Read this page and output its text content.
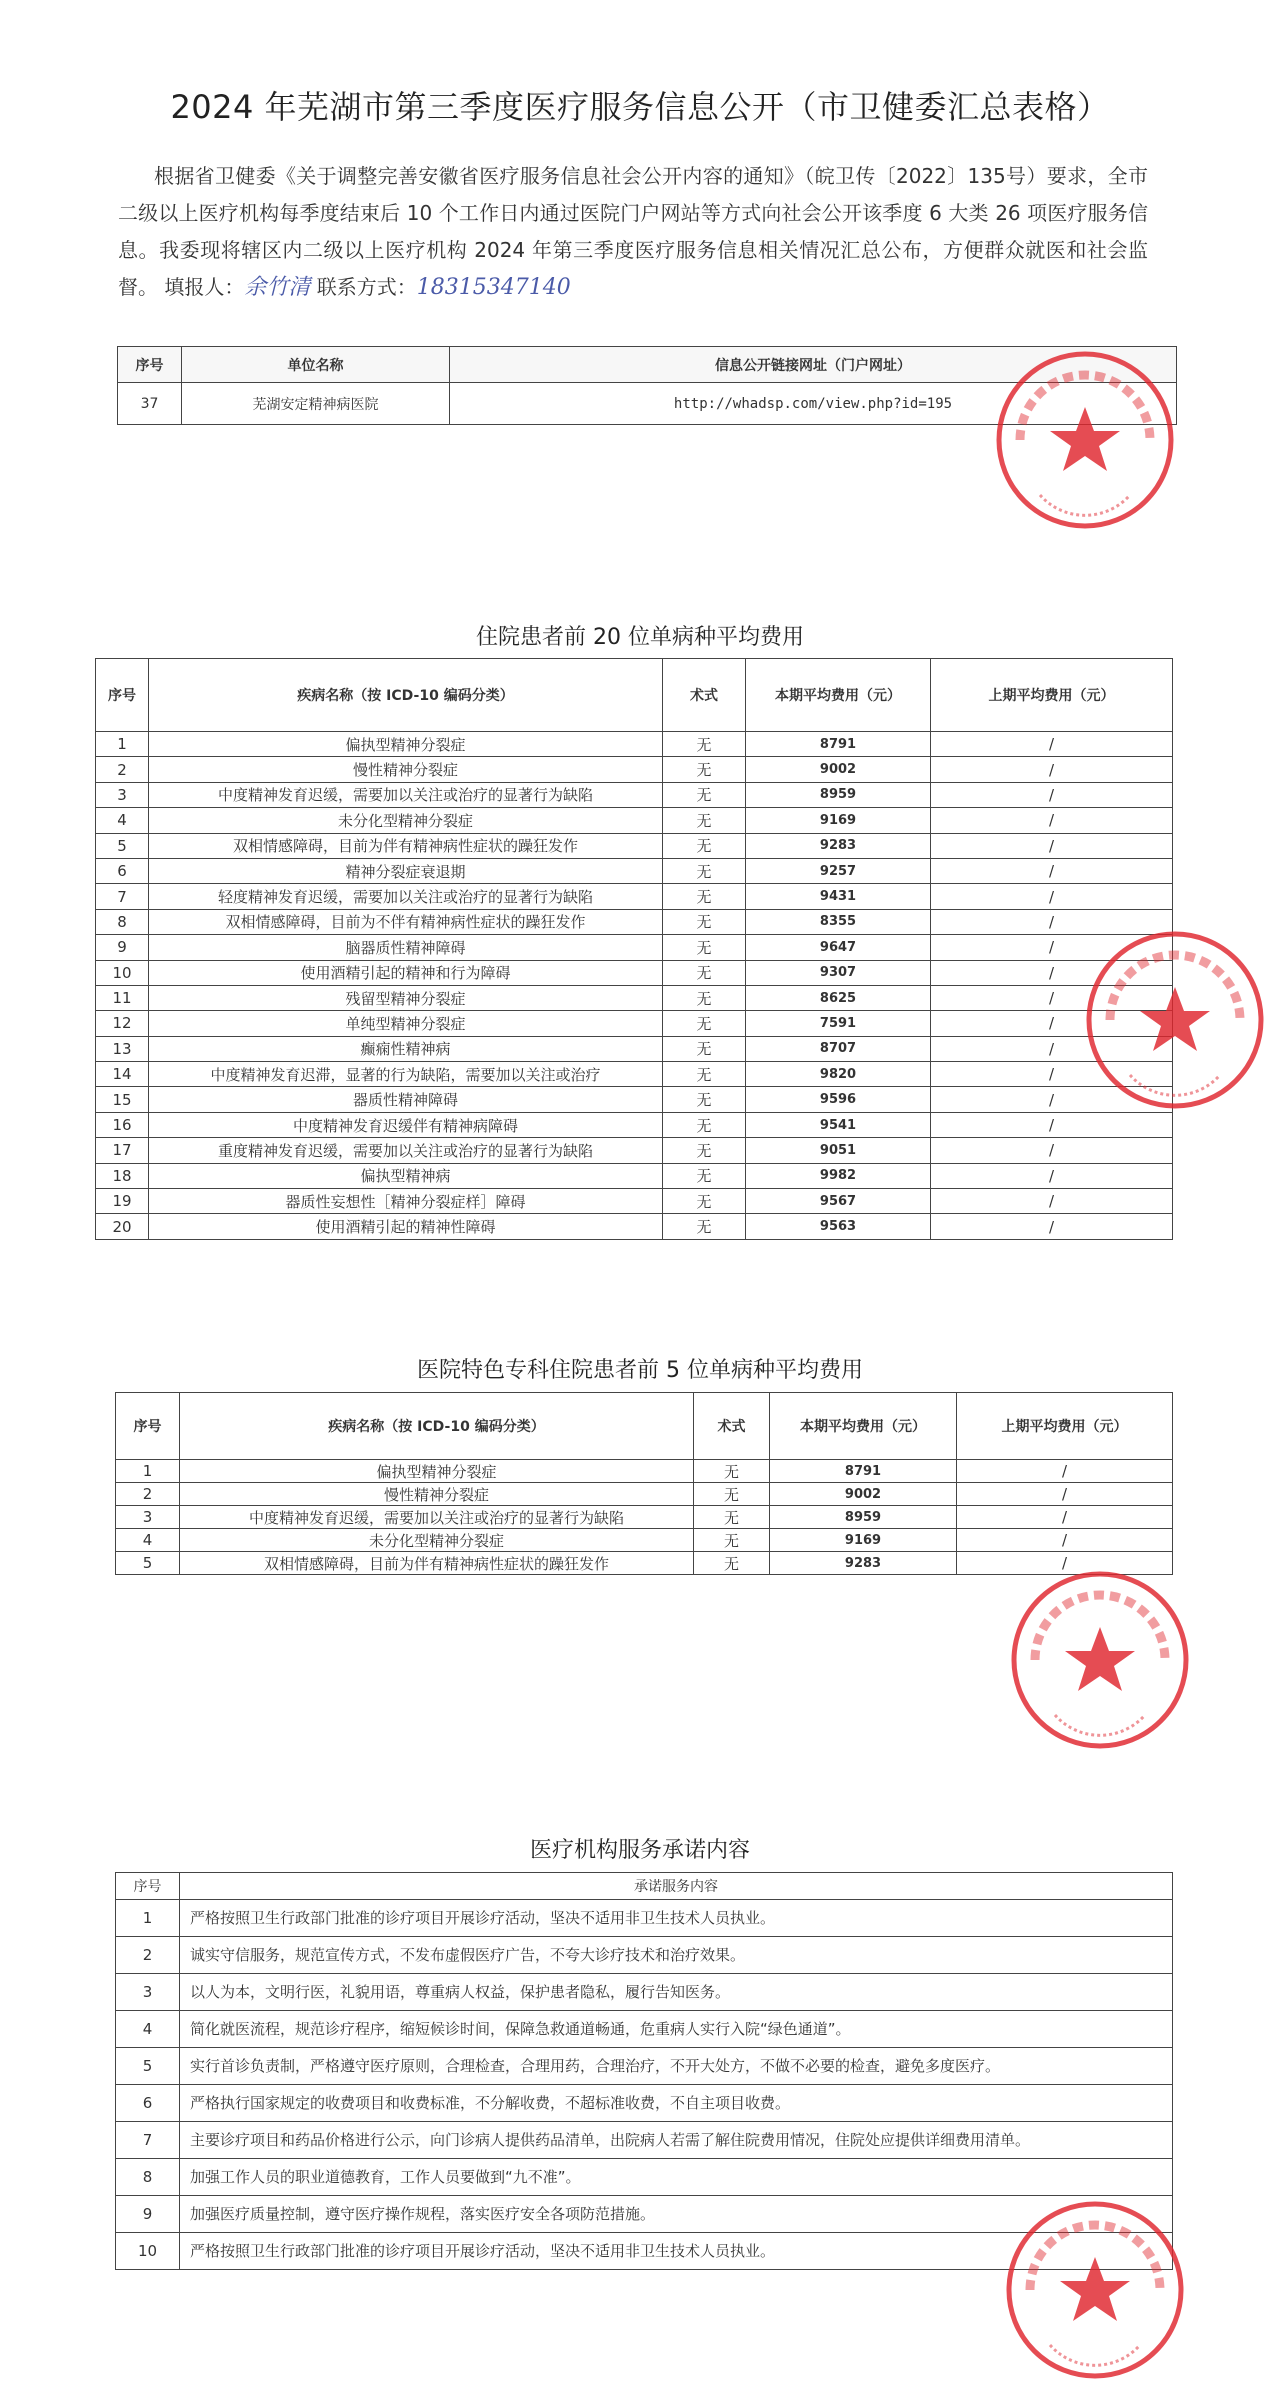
2024 年芜湖市第三季度医疗服务信息公开（市卫健委汇总表格）
根据省卫健委《关于调整完善安徽省医疗服务信息社会公开内容的通知》（皖卫传〔2022〕135号）要求，全市二级以上医疗机构每季度结束后 10 个工作日内通过医院门户网站等方式向社会公开该季度 6 大类 26 项医疗服务信息。我委现将辖区内二级以上医疗机构 2024 年第三季度医疗服务信息相关情况汇总公布，方便群众就医和社会监督。 填报人：余竹清 联系方式：18315347140
序号	单位名称	信息公开链接网址（门户网址）
37	芜湖安定精神病医院	http://whadsp.com/view.php?id=195
住院患者前 20 位单病种平均费用
序号	疾病名称（按 ICD-10 编码分类）	术式	本期平均费用（元）	上期平均费用（元）
1	偏执型精神分裂症	无	8791	/
2	慢性精神分裂症	无	9002	/
3	中度精神发育迟缓，需要加以关注或治疗的显著行为缺陷	无	8959	/
4	未分化型精神分裂症	无	9169	/
5	双相情感障碍，目前为伴有精神病性症状的躁狂发作	无	9283	/
6	精神分裂症衰退期	无	9257	/
7	轻度精神发育迟缓，需要加以关注或治疗的显著行为缺陷	无	9431	/
8	双相情感障碍，目前为不伴有精神病性症状的躁狂发作	无	8355	/
9	脑器质性精神障碍	无	9647	/
10	使用酒精引起的精神和行为障碍	无	9307	/
11	残留型精神分裂症	无	8625	/
12	单纯型精神分裂症	无	7591	/
13	癫痫性精神病	无	8707	/
14	中度精神发育迟滞，显著的行为缺陷，需要加以关注或治疗	无	9820	/
15	器质性精神障碍	无	9596	/
16	中度精神发育迟缓伴有精神病障碍	无	9541	/
17	重度精神发育迟缓，需要加以关注或治疗的显著行为缺陷	无	9051	/
18	偏执型精神病	无	9982	/
19	器质性妄想性［精神分裂症样］障碍	无	9567	/
20	使用酒精引起的精神性障碍	无	9563	/
医院特色专科住院患者前 5 位单病种平均费用
序号	疾病名称（按 ICD-10 编码分类）	术式	本期平均费用（元）	上期平均费用（元）
1	偏执型精神分裂症	无	8791	/
2	慢性精神分裂症	无	9002	/
3	中度精神发育迟缓，需要加以关注或治疗的显著行为缺陷	无	8959	/
4	未分化型精神分裂症	无	9169	/
5	双相情感障碍，目前为伴有精神病性症状的躁狂发作	无	9283	/
医疗机构服务承诺内容
序号	承诺服务内容
1	严格按照卫生行政部门批准的诊疗项目开展诊疗活动，坚决不适用非卫生技术人员执业。
2	诚实守信服务，规范宣传方式，不发布虚假医疗广告，不夸大诊疗技术和治疗效果。
3	以人为本，文明行医，礼貌用语，尊重病人权益，保护患者隐私，履行告知医务。
4	简化就医流程，规范诊疗程序，缩短候诊时间，保障急救通道畅通，危重病人实行入院“绿色通道”。
5	实行首诊负责制，严格遵守医疗原则，合理检查，合理用药，合理治疗，不开大处方，不做不必要的检查，避免多度医疗。
6	严格执行国家规定的收费项目和收费标准，不分解收费，不超标准收费，不自主项目收费。
7	主要诊疗项目和药品价格进行公示，向门诊病人提供药品清单，出院病人若需了解住院费用情况，住院处应提供详细费用清单。
8	加强工作人员的职业道德教育，工作人员要做到“九不准”。
9	加强医疗质量控制，遵守医疗操作规程，落实医疗安全各项防范措施。
10	严格按照卫生行政部门批准的诊疗项目开展诊疗活动，坚决不适用非卫生技术人员执业。
